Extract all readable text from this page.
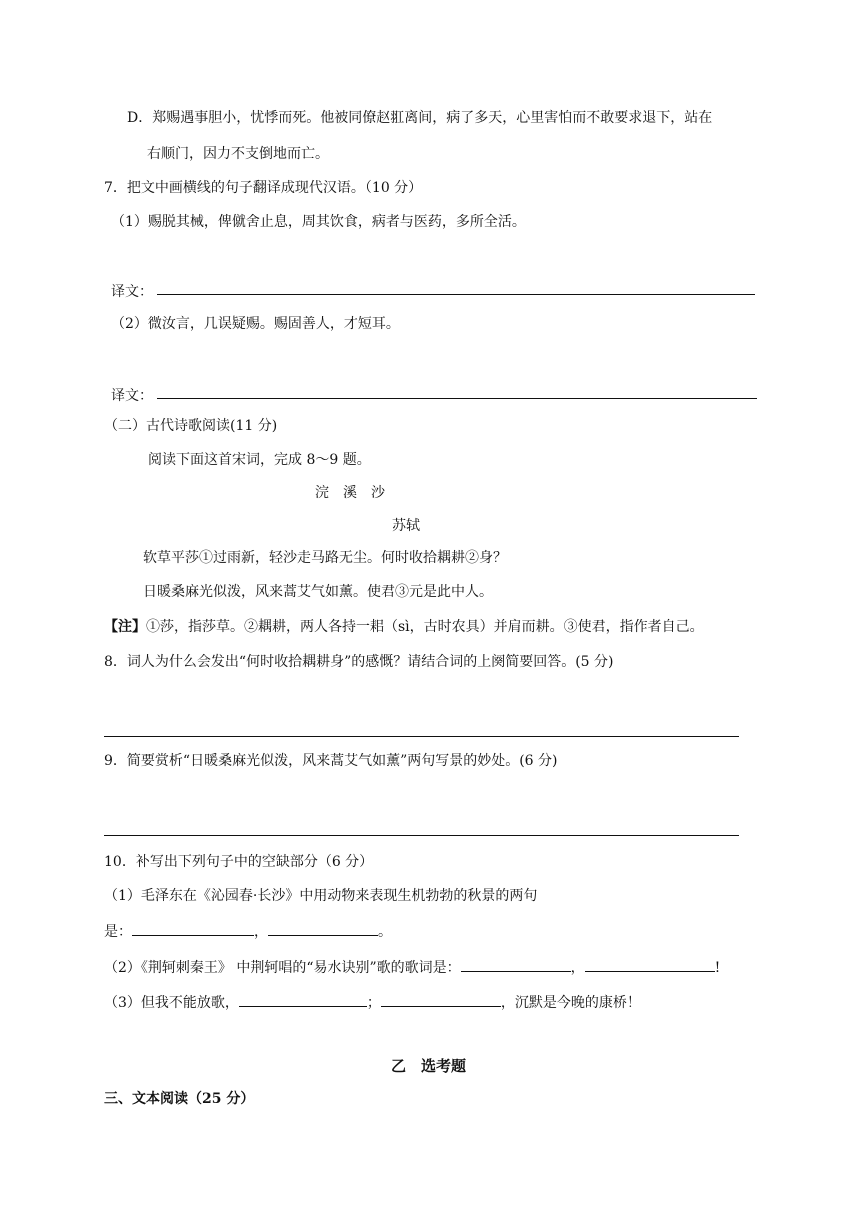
D．郑赐遇事胆小，忧悸而死。他被同僚赵羾离间，病了多天，心里害怕而不敢要求退下，站在
右顺门，因力不支倒地而亡。
7．把文中画横线的句子翻译成现代汉语。（10 分）
（1）赐脱其械，俾僦舍止息，周其饮食，病者与医药，多所全活。
译文：
（2）微汝言，几误疑赐。赐固善人，才短耳。
译文：
（二）古代诗歌阅读(11 分)
阅读下面这首宋词，完成 8～9 题。
浣　溪　沙
苏轼
软草平莎①过雨新，轻沙走马路无尘。何时收拾耦耕②身？
日暖桑麻光似泼，风来蒿艾气如薰。使君③元是此中人。
【注】①莎，指莎草。②耦耕，两人各持一耜（sì，古时农具）并肩而耕。③使君，指作者自己。
8．词人为什么会发出“何时收拾耦耕身”的感慨？请结合词的上阕简要回答。(5 分)
9．简要赏析“日暖桑麻光似泼，风来蒿艾气如薰”两句写景的妙处。(6 分)
10．补写出下列句子中的空缺部分（6 分）
（1）毛泽东在《沁园春·长沙》中用动物来表现生机勃勃的秋景的两句
是：	，	。
（2）《荆轲刺秦王》 中荆轲唱的“易水诀别”歌的歌词是：	，	!
（3）但我不能放歌，	；	，沉默是今晚的康桥！
乙　选考题
三、文本阅读（25 分）
